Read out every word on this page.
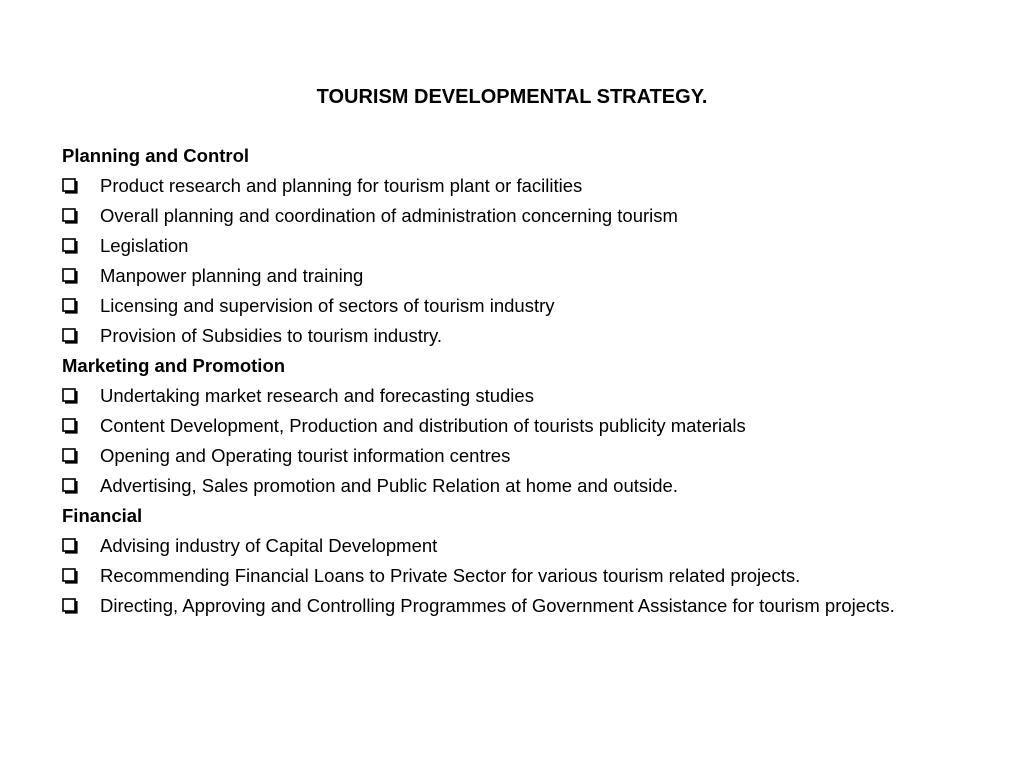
TOURISM DEVELOPMENTAL STRATEGY.
Planning and Control
Product research and planning for tourism plant or facilities
Overall planning and coordination of administration concerning tourism
Legislation
Manpower planning and training
Licensing and supervision of sectors of tourism industry
Provision of Subsidies to tourism industry.
Marketing and Promotion
Undertaking market research and forecasting studies
Content Development, Production and distribution of tourists publicity materials
Opening and Operating tourist information centres
Advertising, Sales promotion and Public Relation at home and outside.
Financial
Advising industry of Capital Development
Recommending Financial Loans to Private Sector for various tourism related projects.
Directing, Approving and Controlling Programmes of Government Assistance for tourism projects.
